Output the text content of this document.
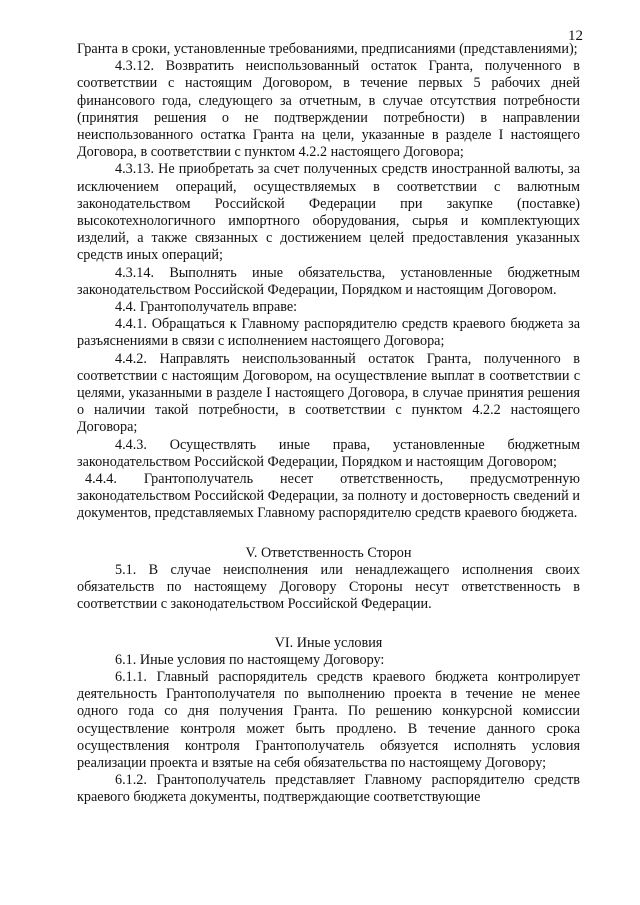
12

Гранта в сроки, установленные требованиями, предписаниями (представлениями);

4.3.12. Возвратить неиспользованный остаток Гранта, полученного в соответствии с настоящим Договором, в течение первых 5 рабочих дней финансового года, следующего за отчетным, в случае отсутствия потребности (принятия решения о не подтверждении потребности) в направлении неиспользованного остатка Гранта на цели, указанные в разделе I настоящего Договора, в соответствии с пунктом 4.2.2 настоящего Договора;

4.3.13. Не приобретать за счет полученных средств иностранной валюты, за исключением операций, осуществляемых в соответствии с валютным законодательством Российской Федерации при закупке (поставке) высокотехнологичного импортного оборудования, сырья и комплектующих изделий, а также связанных с достижением целей предоставления указанных средств иных операций;

4.3.14. Выполнять иные обязательства, установленные бюджетным законодательством Российской Федерации, Порядком и настоящим Договором.

4.4. Грантополучатель вправе:

4.4.1. Обращаться к Главному распорядителю средств краевого бюджета за разъяснениями в связи с исполнением настоящего Договора;

4.4.2. Направлять неиспользованный остаток Гранта, полученного в соответствии с настоящим Договором, на осуществление выплат в соответствии с целями, указанными в разделе I настоящего Договора, в случае принятия решения о наличии такой потребности, в соответствии с пунктом 4.2.2 настоящего Договора;

4.4.3. Осуществлять иные права, установленные бюджетным законодательством Российской Федерации, Порядком и настоящим Договором;

4.4.4. Грантополучатель несет ответственность, предусмотренную законодательством Российской Федерации, за полноту и достоверность сведений и документов, представляемых Главному распорядителю средств краевого бюджета.

V. Ответственность Сторон

5.1. В случае неисполнения или ненадлежащего исполнения своих обязательств по настоящему Договору Стороны несут ответственность в соответствии с законодательством Российской Федерации.

VI. Иные условия

6.1. Иные условия по настоящему Договору:

6.1.1. Главный распорядитель средств краевого бюджета контролирует деятельность Грантополучателя по выполнению проекта в течение не менее одного года со дня получения Гранта. По решению конкурсной комиссии осуществление контроля может быть продлено. В течение данного срока осуществления контроля Грантополучатель обязуется исполнять условия реализации проекта и взятые на себя обязательства по настоящему Договору;

6.1.2. Грантополучатель представляет Главному распорядителю средств краевого бюджета документы, подтверждающие соответствующие
